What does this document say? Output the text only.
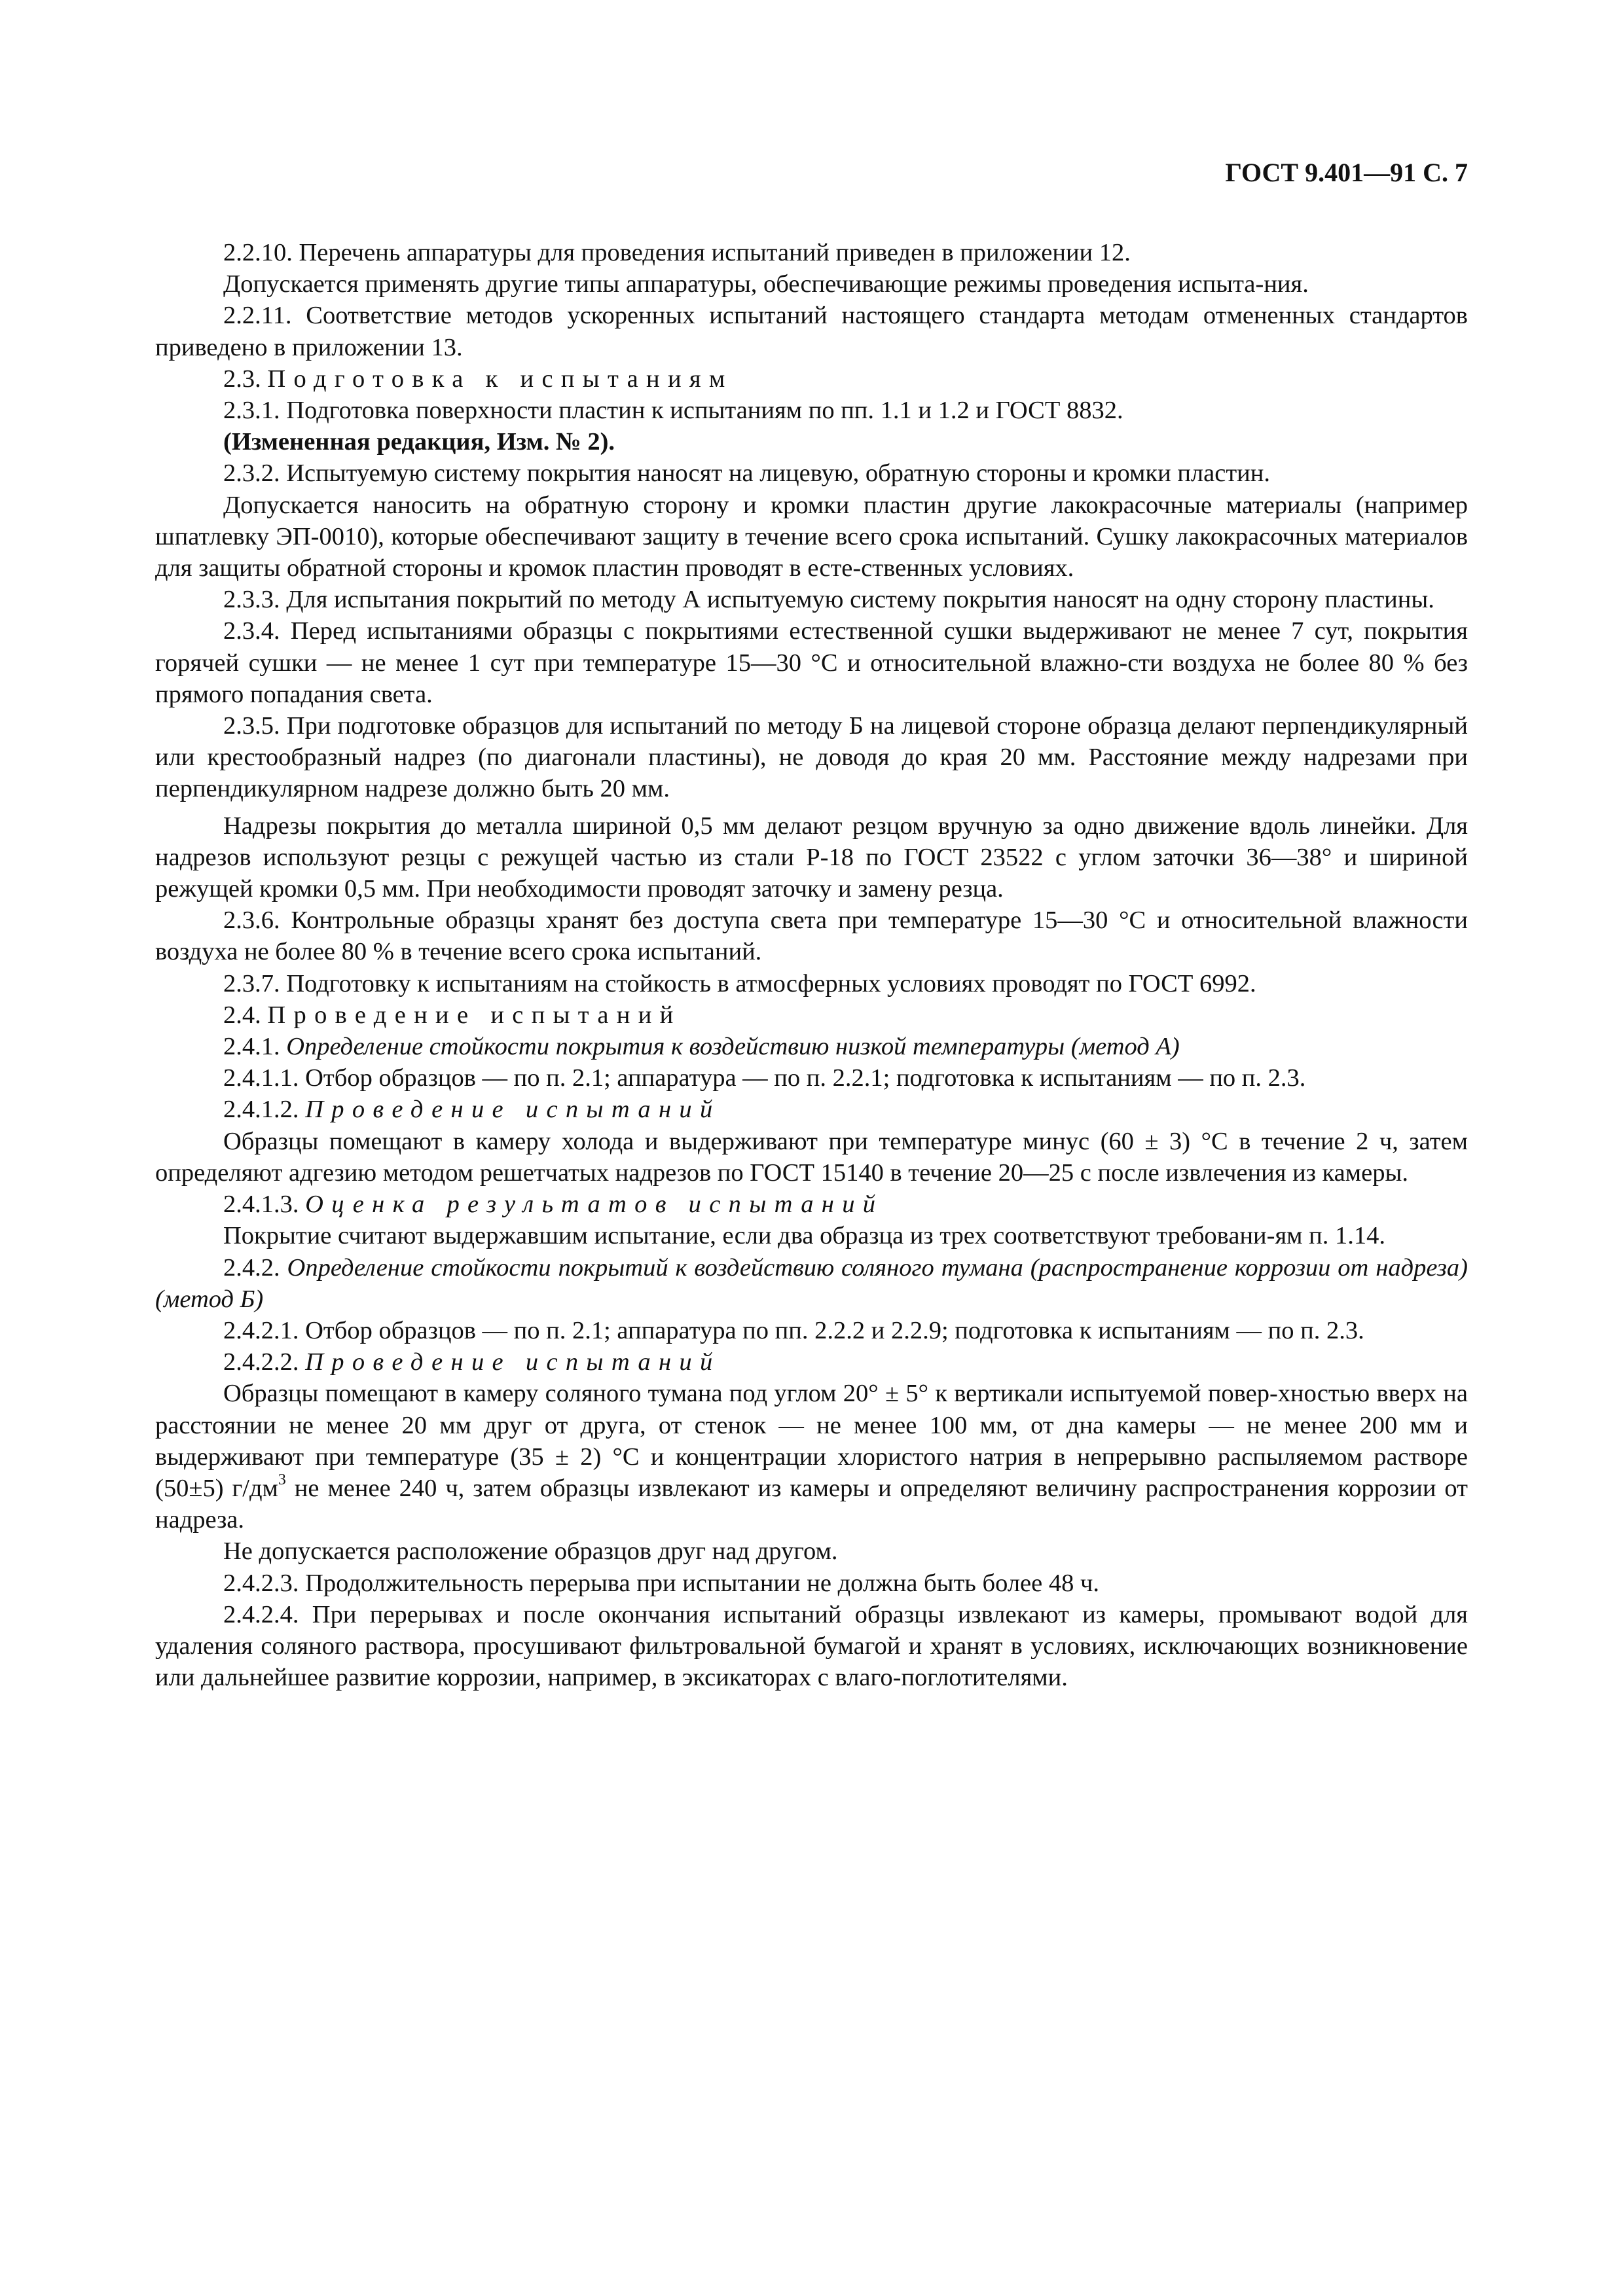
ГОСТ 9.401—91 С. 7

2.2.10. Перечень аппаратуры для проведения испытаний приведен в приложении 12.

Допускается применять другие типы аппаратуры, обеспечивающие режимы проведения испыта-ния.

2.2.11. Соответствие методов ускоренных испытаний настоящего стандарта методам отмененных стандартов приведено в приложении 13.

2.3. Подготовка к испытаниям

2.3.1. Подготовка поверхности пластин к испытаниям по пп. 1.1 и 1.2 и ГОСТ 8832.

(Измененная редакция, Изм. № 2).

2.3.2. Испытуемую систему покрытия наносят на лицевую, обратную стороны и кромки пластин.

Допускается наносить на обратную сторону и кромки пластин другие лакокрасочные материалы (например шпатлевку ЭП-0010), которые обеспечивают защиту в течение всего срока испытаний. Сушку лакокрасочных материалов для защиты обратной стороны и кромок пластин проводят в есте-ственных условиях.

2.3.3. Для испытания покрытий по методу А испытуемую систему покрытия наносят на одну сторону пластины.

2.3.4. Перед испытаниями образцы с покрытиями естественной сушки выдерживают не менее 7 сут, покрытия горячей сушки — не менее 1 сут при температуре 15—30 °С и относительной влажно-сти воздуха не более 80 % без прямого попадания света.

2.3.5. При подготовке образцов для испытаний по методу Б на лицевой стороне образца делают перпендикулярный или крестообразный надрез (по диагонали пластины), не доводя до края 20 мм. Расстояние между надрезами при перпендикулярном надрезе должно быть 20 мм.

Надрезы покрытия до металла шириной 0,5 мм делают резцом вручную за одно движение вдоль линейки. Для надрезов используют резцы с режущей частью из стали Р-18 по ГОСТ 23522 с углом заточки 36—38° и шириной режущей кромки 0,5 мм. При необходимости проводят заточку и замену резца.

2.3.6. Контрольные образцы хранят без доступа света при температуре 15—30 °С и относительной влажности воздуха не более 80 % в течение всего срока испытаний.

2.3.7. Подготовку к испытаниям на стойкость в атмосферных условиях проводят по ГОСТ 6992.

2.4. Проведение испытаний

2.4.1. Определение стойкости покрытия к воздействию низкой температуры (метод А)

2.4.1.1. Отбор образцов — по п. 2.1; аппаратура — по п. 2.2.1; подготовка к испытаниям — по п. 2.3.

2.4.1.2. Проведение испытаний

Образцы помещают в камеру холода и выдерживают при температуре минус (60 ± 3) °С в течение 2 ч, затем определяют адгезию методом решетчатых надрезов по ГОСТ 15140 в течение 20—25 с после извлечения из камеры.

2.4.1.3. Оценка результатов испытаний

Покрытие считают выдержавшим испытание, если два образца из трех соответствуют требовани-ям п. 1.14.

2.4.2. Определение стойкости покрытий к воздействию соляного тумана (распространение коррозии от надреза) (метод Б)

2.4.2.1. Отбор образцов — по п. 2.1; аппаратура по пп. 2.2.2 и 2.2.9; подготовка к испытаниям — по п. 2.3.

2.4.2.2. Проведение испытаний

Образцы помещают в камеру соляного тумана под углом 20° ± 5° к вертикали испытуемой повер-хностью вверх на расстоянии не менее 20 мм друг от друга, от стенок — не менее 100 мм, от дна камеры — не менее 200 мм и выдерживают при температуре (35 ± 2) °С и концентрации хлористого натрия в непрерывно распыляемом растворе (50±5) $г/дм^3$ не менее 240 ч, затем образцы извлекают из камеры и определяют величину распространения коррозии от надреза.

Не допускается расположение образцов друг над другом.

2.4.2.3. Продолжительность перерыва при испытании не должна быть более 48 ч.

2.4.2.4. При перерывах и после окончания испытаний образцы извлекают из камеры, промывают водой для удаления соляного раствора, просушивают фильтровальной бумагой и хранят в условиях, исключающих возникновение или дальнейшее развитие коррозии, например, в эксикаторах с влаго-поглотителями.
